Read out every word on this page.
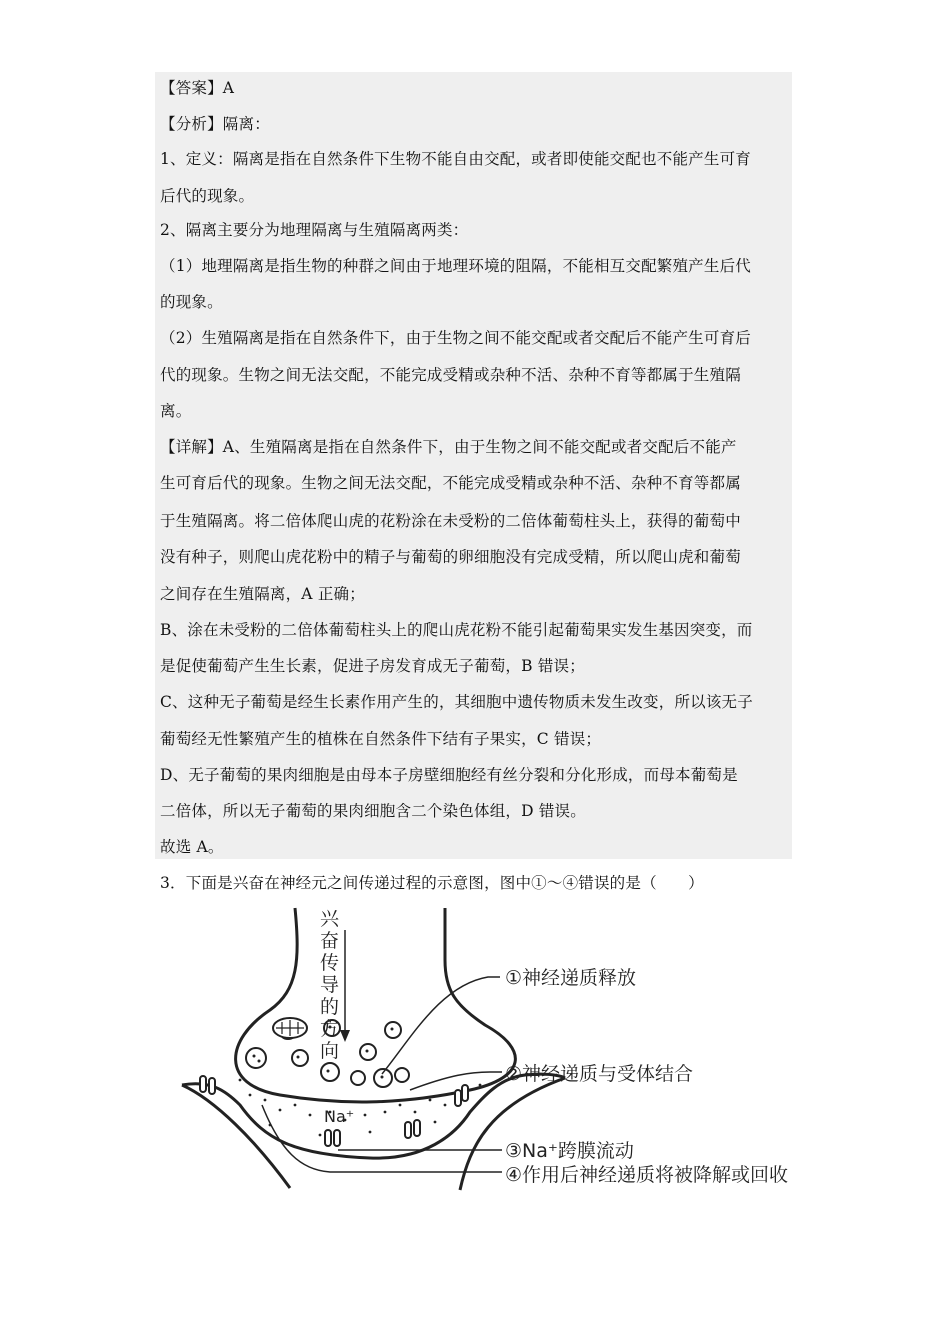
【答案】A
【分析】隔离：
1、定义：隔离是指在自然条件下生物不能自由交配，或者即使能交配也不能产生可育
后代的现象。
2、隔离主要分为地理隔离与生殖隔离两类：
（1）地理隔离是指生物的种群之间由于地理环境的阻隔，不能相互交配繁殖产生后代
的现象。
（2）生殖隔离是指在自然条件下，由于生物之间不能交配或者交配后不能产生可育后
代的现象。生物之间无法交配，不能完成受精或杂种不活、杂种不育等都属于生殖隔
离。
【详解】A、生殖隔离是指在自然条件下，由于生物之间不能交配或者交配后不能产
生可育后代的现象。生物之间无法交配，不能完成受精或杂种不活、杂种不育等都属
于生殖隔离。将二倍体爬山虎的花粉涂在未受粉的二倍体葡萄柱头上，获得的葡萄中
没有种子，则爬山虎花粉中的精子与葡萄的卵细胞没有完成受精，所以爬山虎和葡萄
之间存在生殖隔离，A 正确；
B、涂在未受粉的二倍体葡萄柱头上的爬山虎花粉不能引起葡萄果实发生基因突变，而
是促使葡萄产生生长素，促进子房发育成无子葡萄，B 错误；
C、这种无子葡萄是经生长素作用产生的，其细胞中遗传物质未发生改变，所以该无子
葡萄经无性繁殖产生的植株在自然条件下结有子果实，C 错误；
D、无子葡萄的果肉细胞是由母本子房壁细胞经有丝分裂和分化形成，而母本葡萄是
二倍体，所以无子葡萄的果肉细胞含二个染色体组，D 错误。
故选 A。
3．下面是兴奋在神经元之间传递过程的示意图，图中①～④错误的是（　　）
兴
奋
传
导
的
方
向
Na⁺
①神经递质释放
②神经递质与受体结合
③Na⁺跨膜流动
④作用后神经递质将被降解或回收
